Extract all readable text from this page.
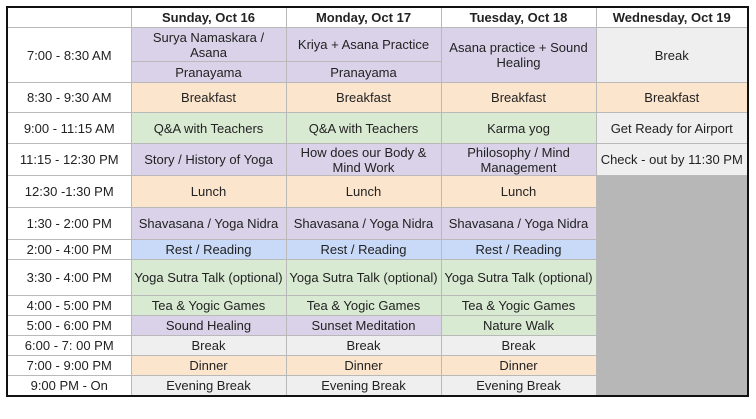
	Sunday, Oct 16	Monday, Oct 17	Tuesday, Oct 18	Wednesday, Oct 19
7:00 - 8:30 AM	Surya Namaskara / Asana	Kriya + Asana Practice	Asana practice + Sound Healing	Break
	Pranayama	Pranayama		
8:30 - 9:30 AM	Breakfast	Breakfast	Breakfast	Breakfast
9:00 - 11:15 AM	Q&A with Teachers	Q&A with Teachers	Karma yog	Get Ready for Airport
11:15 - 12:30 PM	Story / History of Yoga	How does our Body & Mind Work	Philosophy / Mind Management	Check - out by 11:30 PM
12:30 -1:30 PM	Lunch	Lunch	Lunch	
1:30 - 2:00 PM	Shavasana / Yoga Nidra	Shavasana / Yoga Nidra	Shavasana / Yoga Nidra	
2:00 - 4:00 PM	Rest / Reading	Rest / Reading	Rest / Reading	
3:30 - 4:00 PM	Yoga Sutra Talk (optional)	Yoga Sutra Talk (optional)	Yoga Sutra Talk (optional)	
4:00 - 5:00 PM	Tea & Yogic Games	Tea & Yogic Games	Tea & Yogic Games	
5:00 - 6:00 PM	Sound Healing	Sunset Meditation	Nature Walk	
6:00 - 7: 00 PM	Break	Break	Break	
7:00 - 9:00 PM	Dinner	Dinner	Dinner	
9:00 PM - On	Evening Break	Evening Break	Evening Break	
